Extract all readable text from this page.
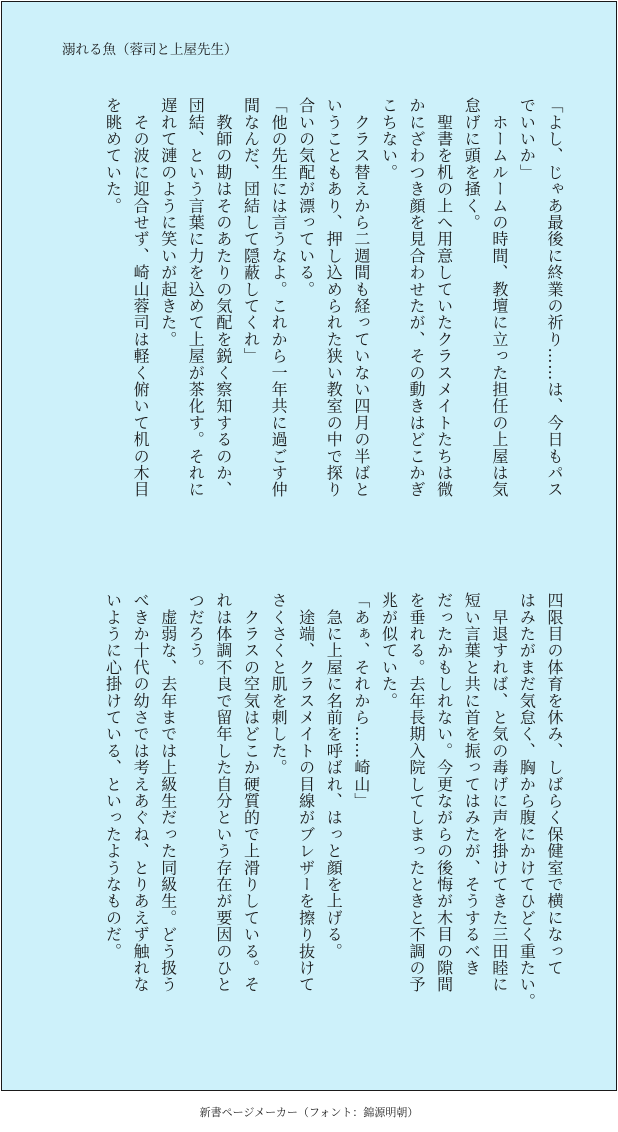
溺れる魚（蓉司と上屋先生）

「よし、じゃあ最後に終業の祈り……は、今日もパス

でいいか」

　ホームルームの時間、教壇に立った担任の上屋は気

怠げに頭を掻く。

　聖書を机の上へ用意していたクラスメイトたちは微

かにざわつき顔を見合わせたが、その動きはどこかぎ

こちない。

　クラス替えから二週間も経っていない四月の半ばと

いうこともあり、押し込められた狭い教室の中で探り

合いの気配が漂っている。

「他の先生には言うなよ。これから一年共に過ごす仲

間なんだ、団結して隠蔽してくれ」

　教師の勘はそのあたりの気配を鋭く察知するのか、

団結、という言葉に力を込めて上屋が茶化す。それに

遅れて漣のように笑いが起きた。

　その波に迎合せず、崎山蓉司は軽く俯いて机の木目

を眺めていた。

四限目の体育を休み、しばらく保健室で横になって

はみたがまだ気怠く、胸から腹にかけてひどく重たい。

　早退すれば、と気の毒げに声を掛けてきた三田睦に

短い言葉と共に首を振ってはみたが、そうするべき

だったかもしれない。今更ながらの後悔が木目の隙間

を垂れる。去年長期入院してしまったときと不調の予

兆が似ていた。

「あぁ、それから……崎山」

　急に上屋に名前を呼ばれ、はっと顔を上げる。

　途端、クラスメイトの目線がブレザーを擦り抜けて

さくさくと肌を刺した。

　クラスの空気はどこか硬質的で上滑りしている。そ

れは体調不良で留年した自分という存在が要因のひと

つだろう。

　虚弱な、去年までは上級生だった同級生。どう扱う

べきか十代の幼さでは考えあぐね、とりあえず触れな

いように心掛けている、といったようなものだ。

新書ページメーカー（フォント：錦源明朝）
